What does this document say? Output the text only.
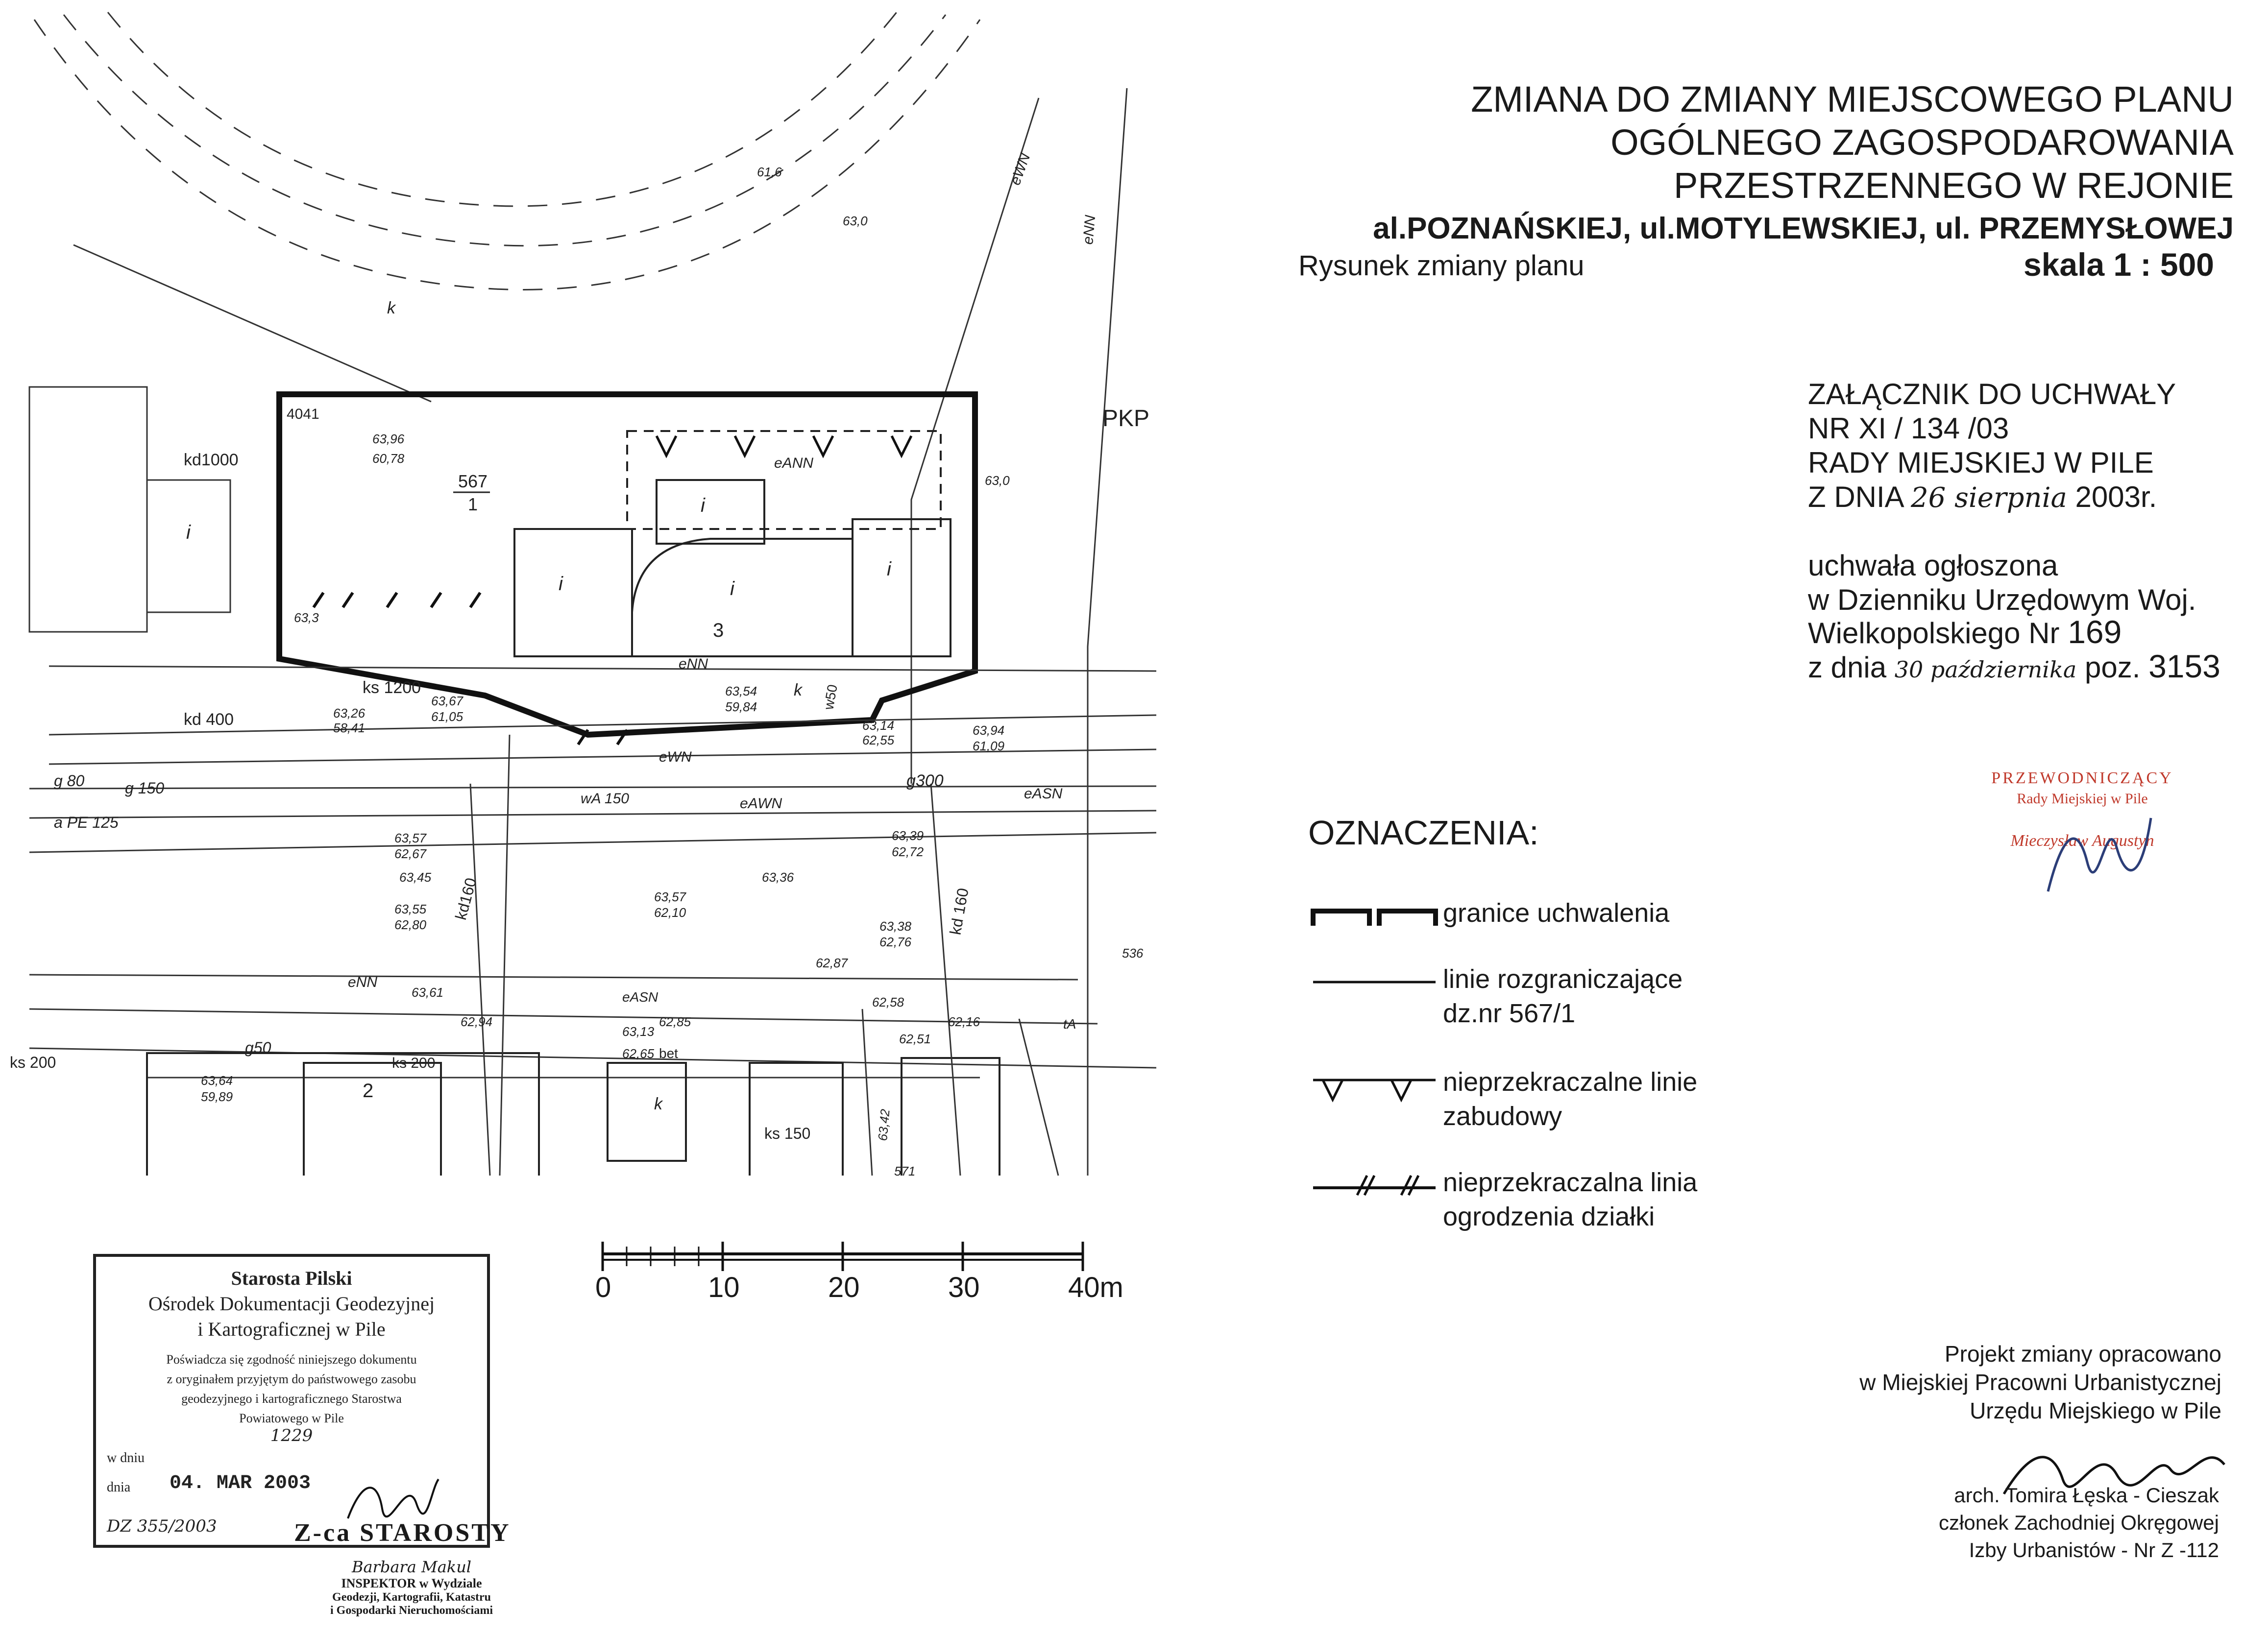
4041
567
1
3
2
PKP
i
i	i
i
i
k
k
k
kd1000
kd 400
ks 1200
g 80	g 150
a PE 125
g300
eASN
eAWN
eWN
eNN
eANN
kd160	kd 160
g50
ks 200	ks 200
ks 150
wA 150
eNN
eWN
eNN
eASN
tA
bet
w50
61,6
63,0
63,96
60,78
63,0
63,3
63,26
58,41
63,67
61,05
63,54
59,84
63,14
62,55
63,94
61,09
63,57
62,67
63,45
63,39
62,72
63,36
63,57
62,10
63,55
62,80	63,38
62,76
62,87
63,61
62,94	62,85
63,13
62,65
62,58
62,16
62,51
63,64
59,89
536
63,42
571
ZMIANA DO ZMIANY MIEJSCOWEGO PLANU
OGÓLNEGO ZAGOSPODAROWANIA
PRZESTRZENNEGO W REJONIE
al.POZNAŃSKIEJ, ul.MOTYLEWSKIEJ, ul. PRZEMYSŁOWEJ
Rysunek zmiany planu	skala 1 : 500
ZAŁĄCZNIK DO UCHWAŁY
NR XI / 134 /03
RADY MIEJSKIEJ W PILE
Z DNIA 26 sierpnia 2003r.
uchwała ogłoszona
w Dzienniku Urzędowym Woj.
Wielkopolskiego Nr 169
z dnia 30 października poz. 3153
PRZEWODNICZĄCY
Rady Miejskiej w Pile
Mieczysław Augustyn
OZNACZENIA:
granice uchwalenia
linie rozgraniczające
dz.nr 567/1
nieprzekraczalne linie
zabudowy
nieprzekraczalna linia
ogrodzenia działki
0	10	20	30	40m
Projekt zmiany opracowano
w Miejskiej Pracowni Urbanistycznej
Urzędu Miejskiego w Pile
arch. Tomira Łęska - Cieszak
członek Zachodniej Okręgowej
Izby Urbanistów - Nr Z -112
Starosta Pilski
Ośrodek Dokumentacji Geodezyjnej
i Kartograficznej w Pile
Poświadcza się zgodność niniejszego dokumentu
z oryginałem przyjętym do państwowego zasobu
geodezyjnego i kartograficznego Starostwa
Powiatowego w Pile
1229
w dniu
dnia 04. MAR 2003
DZ 355/2003	Z-ca STAROSTY
Barbara Makul
INSPEKTOR w Wydziale
Geodezji, Kartografii, Katastru
i Gospodarki Nieruchomościami
